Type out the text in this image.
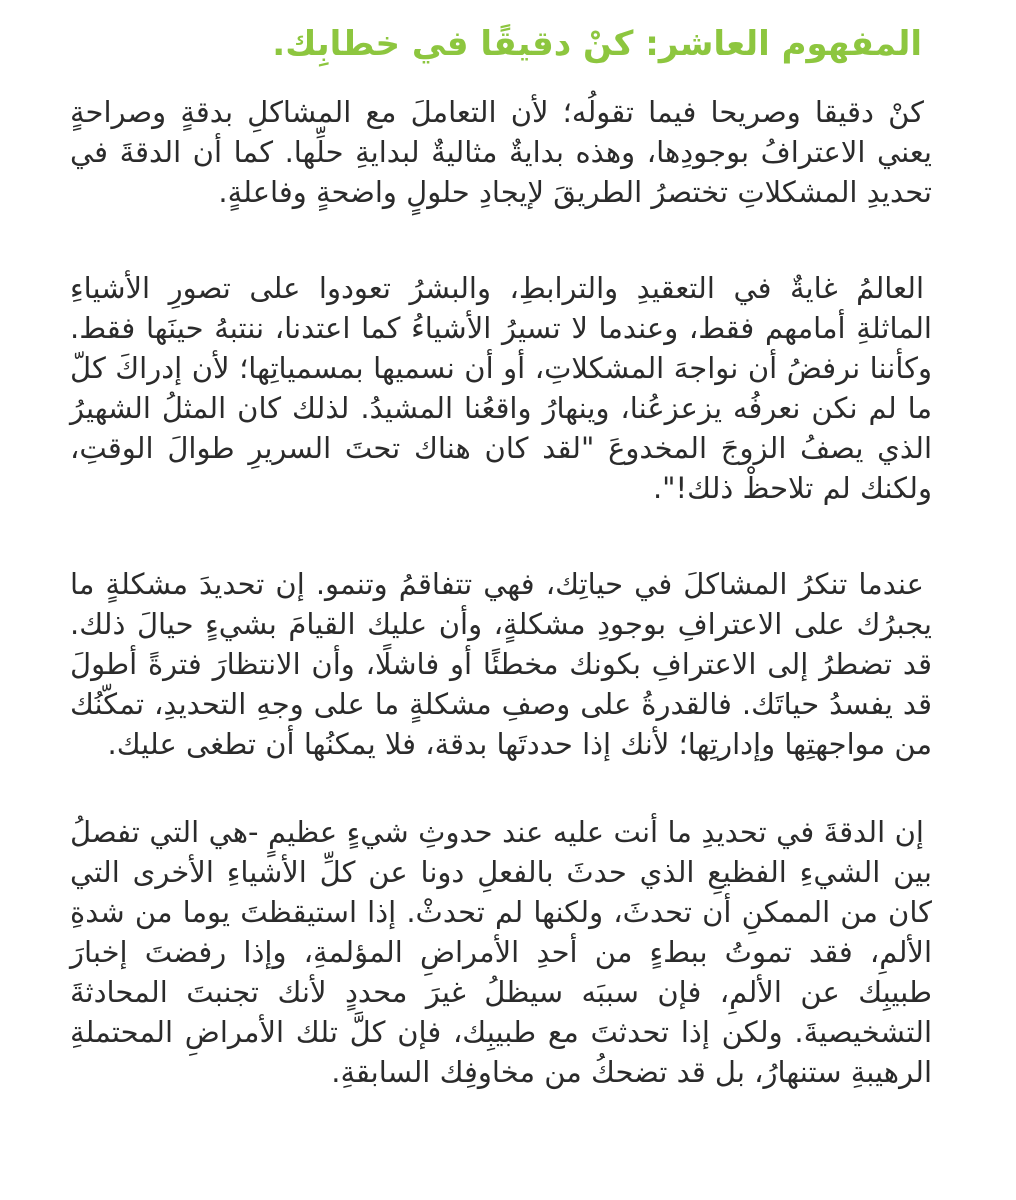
المفهوم العاشر: كنْ دقيقًا في خطابِك.

كنْ دقيقا وصريحا فيما تقولُه؛ لأن التعاملَ مع المشاكلِ بدقةٍ وصراحةٍ يعني الاعترافُ بوجودِها، وهذه بدايةٌ مثاليةٌ لبدايةِ حلِّها. كما أن الدقةَ في تحديدِ المشكلاتِ تختصرُ الطريقَ لإيجادِ حلولٍ واضحةٍ وفاعلةٍ.

العالمُ غايةٌ في التعقيدِ والترابطِ، والبشرُ تعودوا على تصورِ الأشياءِ الماثلةِ أمامهم فقط، وعندما لا تسيرُ الأشياءُ كما اعتدنا، ننتبهُ حينَها فقط. وكأننا نرفضُ أن نواجهَ المشكلاتِ، أو أن نسميها بمسمياتِها؛ لأن إدراكَ كلّ ما لم نكن نعرفُه يزعزعُنا، وينهارُ واقعُنا المشيدُ. لذلك كان المثلُ الشهيرُ الذي يصفُ الزوجَ المخدوعَ "لقد كان هناك تحتَ السريرِ طوالَ الوقتِ، ولكنك لم تلاحظْ ذلك!".

عندما تنكرُ المشاكلَ في حياتِك، فهي تتفاقمُ وتنمو. إن تحديدَ مشكلةٍ ما يجبرُك على الاعترافِ بوجودِ مشكلةٍ، وأن عليك القيامَ بشيءٍ حيالَ ذلك. قد تضطرُ إلى الاعترافِ بكونك مخطئًا أو فاشلًا، وأن الانتظارَ فترةً أطولَ قد يفسدُ حياتَك. فالقدرةُ على وصفِ مشكلةٍ ما على وجهِ التحديدِ، تمكّنُك من مواجهتِها وإدارتِها؛ لأنك إذا حددتَها بدقة، فلا يمكنُها أن تطغى عليك.

إن الدقةَ في تحديدِ ما أنت عليه عند حدوثِ شيءٍ عظيمٍ -هي التي تفصلُ بين الشيءِ الفظيعِ الذي حدثَ بالفعلِ دونا عن كلِّ الأشياءِ الأخرى التي كان من الممكنِ أن تحدثَ، ولكنها لم تحدثْ. إذا استيقظتَ يوما من شدةِ الألمِ، فقد تموتُ ببطءٍ من أحدِ الأمراضِ المؤلمةِ، وإذا رفضتَ إخبارَ طبيبِك عن الألمِ، فإن سببَه سيظلُ غيرَ محددٍ لأنك تجنبتَ المحادثةَ التشخيصيةَ. ولكن إذا تحدثتَ مع طبيبِك، فإن كلَّ تلك الأمراضِ المحتملةِ الرهيبةِ ستنهارُ، بل قد تضحكُ من مخاوفِك السابقةِ.
